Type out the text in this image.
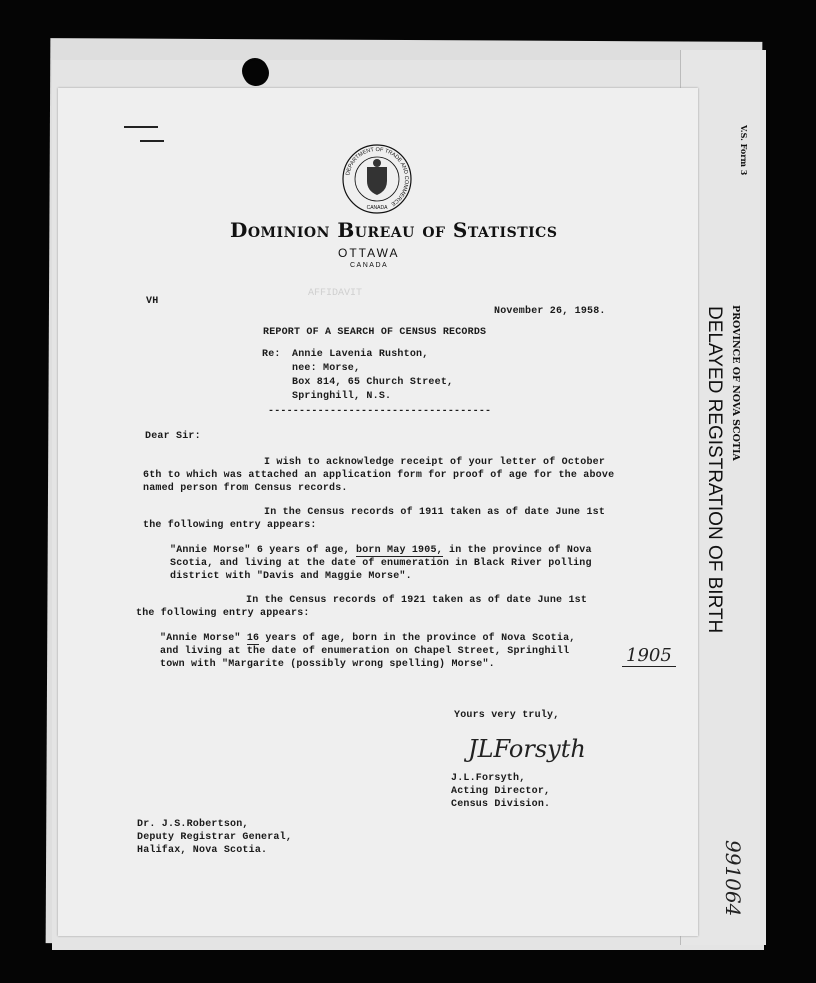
V.S. Form 3
PROVINCE OF NOVA SCOTIA
DELAYED REGISTRATION OF BIRTH
991064
AFFIDAVIT
DEPARTMENT OF TRADE AND COMMERCE
CANADA
Dominion Bureau of Statistics
OTTAWA
CANADA
VH
November 26, 1958.
REPORT OF A SEARCH OF CENSUS RECORDS
Re: Annie Lavenia Rushton,
nee: Morse,
Box 814, 65 Church Street,
Springhill, N.S.
------------------------------------
Dear Sir:
I wish to acknowledge receipt of your letter of October
6th to which was attached an application form for proof of age for the above
named person from Census records.
In the Census records of 1911 taken as of date June 1st
the following entry appears:
"Annie Morse" 6 years of age, born May 1905, in the province of Nova
Scotia, and living at the date of enumeration in Black River polling
district with "Davis and Maggie Morse".
In the Census records of 1921 taken as of date June 1st
the following entry appears:
"Annie Morse" 16 years of age, born in the province of Nova Scotia,
and living at the date of enumeration on Chapel Street, Springhill
town with "Margarite (possibly wrong spelling) Morse".	1905
Yours very truly,
JLForsyth
J.L.Forsyth,
Acting Director,
Census Division.
Dr. J.S.Robertson,
Deputy Registrar General,
Halifax, Nova Scotia.
